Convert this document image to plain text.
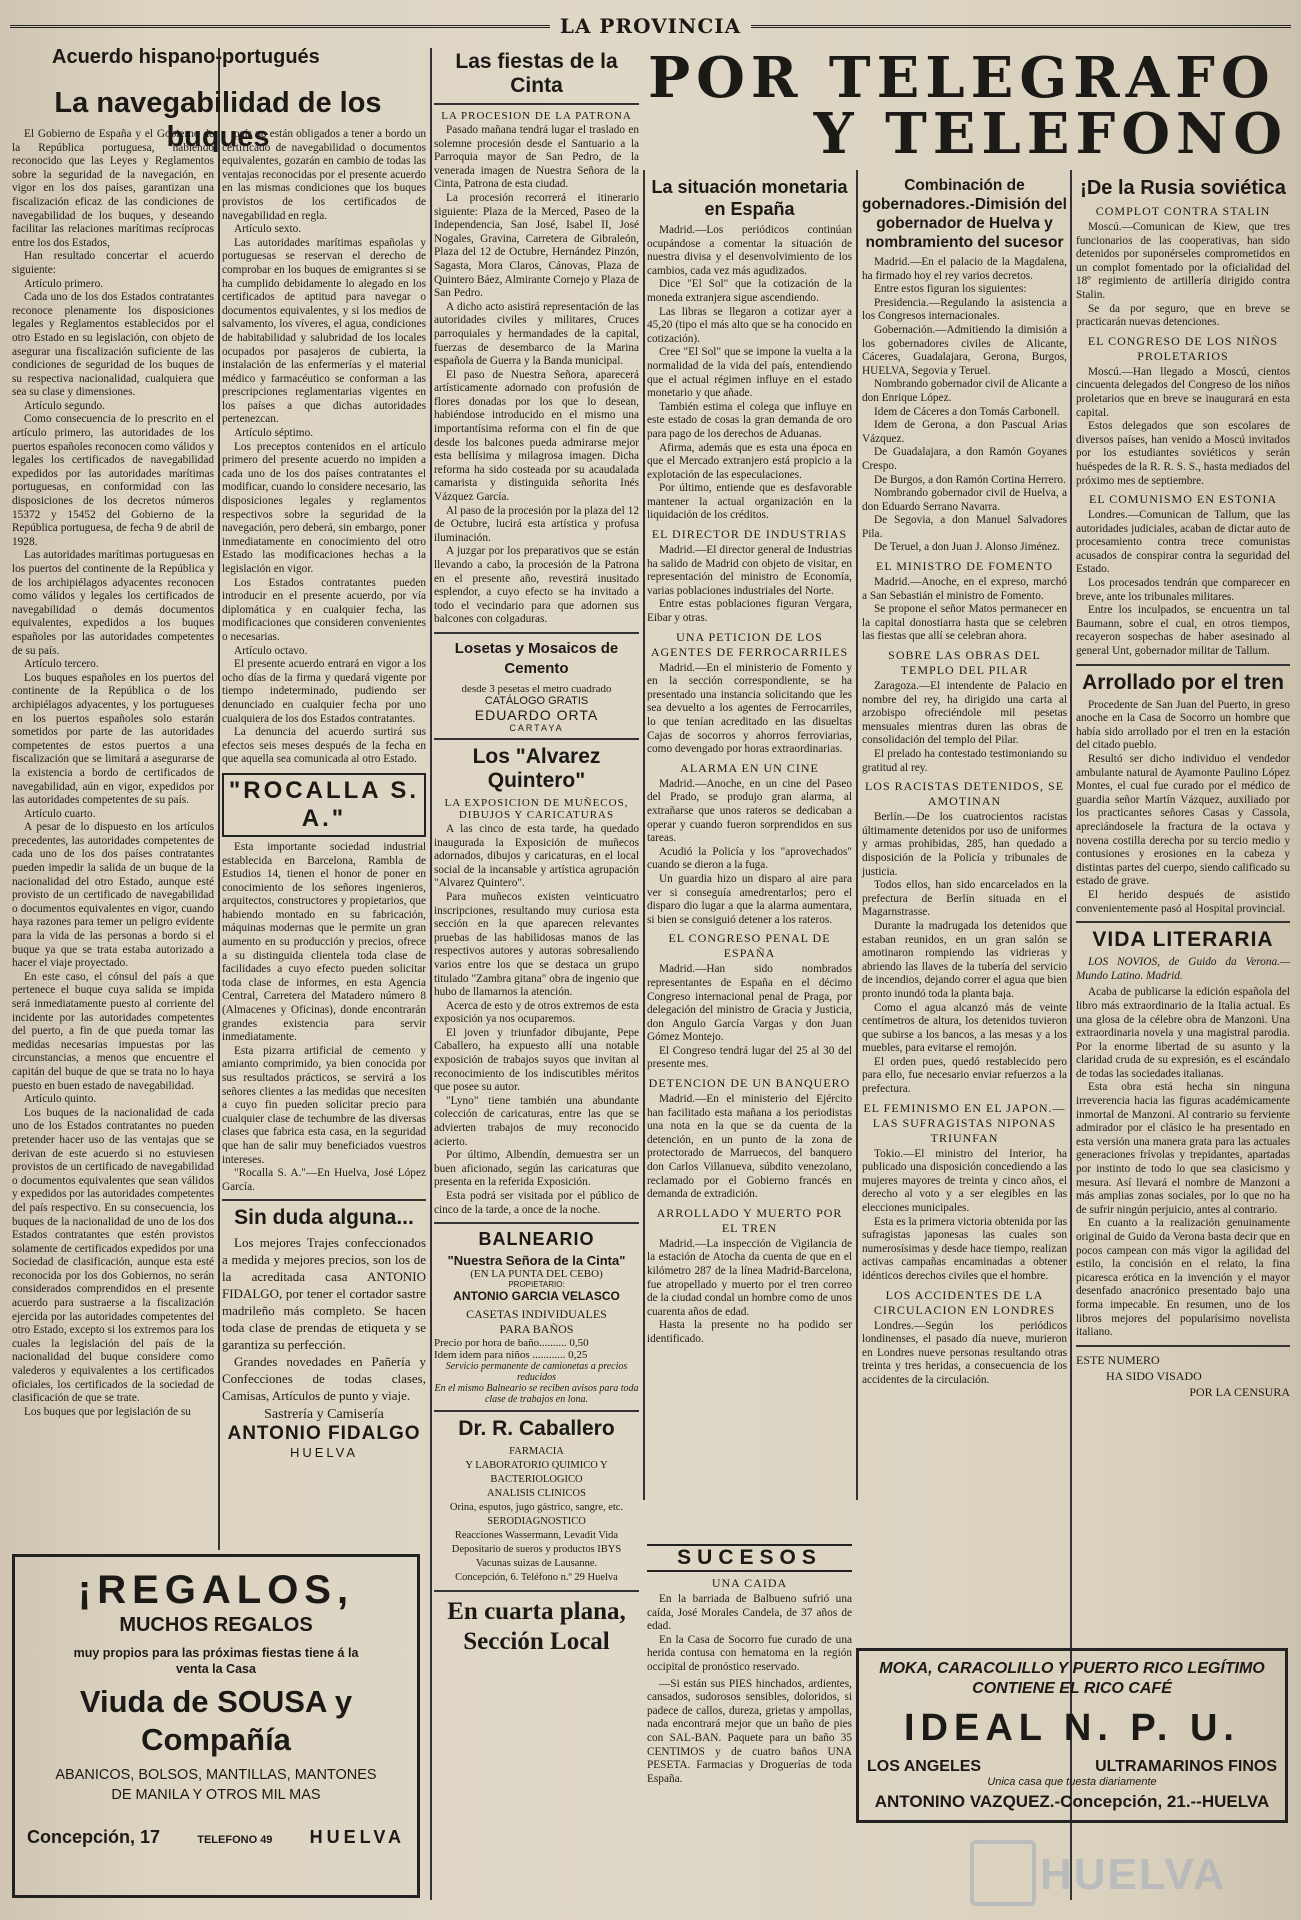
LA PROVINCIA
Acuerdo hispano-portugués
La navegabilidad de los buques

El Gobierno de España y el Gobierno de la República portuguesa, habiendo reconocido que las Leyes y Reglamentos sobre la seguridad de la navegación, en vigor en los dos países, garantizan una fiscalización eficaz de las condiciones de navegabilidad de los buques, y deseando facilitar las relaciones marítimas recíprocas entre los dos Estados,

Han resultado concertar el acuerdo siguiente:

Artículo primero.

Cada uno de los dos Estados contratantes reconoce plenamente los disposiciones legales y Reglamentos establecidos por el otro Estado en su legislación, con objeto de asegurar una fiscalización suficiente de las condiciones de seguridad de los buques de su respectiva nacionalidad, cualquiera que sea su clase y dimensiones.

Artículo segundo.

Como consecuencia de lo prescrito en el artículo primero, las autoridades de los puertos españoles reconocen como válidos y legales los certificados de navegabilidad expedidos por las autoridades marítimas portuguesas, en conformidad con las disposiciones de los decretos números 15372 y 15452 del Gobierno de la República portuguesa, de fecha 9 de abril de 1928.

Las autoridades marítimas portuguesas en los puertos del continente de la República y de los archipiélagos adyacentes reconocen como válidos y legales los certificados de navegabilidad o demás documentos equivalentes, expedidos a los buques españoles por las autoridades competentes de su país.

Artículo tercero.

Los buques españoles en los puertos del continente de la República o de los archipiélagos adyacentes, y los portugueses en los puertos españoles solo estarán sometidos por parte de las autoridades competentes de estos puertos a una fiscalización que se limitará a asegurarse de la existencia a bordo de certificados de navegabilidad, aún en vigor, expedidos por las autoridades competentes de su país.

Artículo cuarto.

A pesar de lo dispuesto en los artículos precedentes, las autoridades competentes de cada uno de los dos países contratantes pueden impedir la salida de un buque de la nacionalidad del otro Estado, aunque esté provisto de un certificado de navegabilidad o documentos equivalentes en vigor, cuando haya razones para temer un peligro evidente para la vida de las personas a bordo si el buque ya que se trata estaba autorizado a hacer el viaje proyectado.

En este caso, el cónsul del país a que pertenece el buque cuya salida se impida será inmediatamente puesto al corriente del incidente por las autoridades competentes del puerto, a fin de que pueda tomar las medidas necesarias impuestas por las circunstancias, a menos que encuentre el capitán del buque de que se trata no lo haya puesto en buen estado de navegabilidad.

Artículo quinto.

Los buques de la nacionalidad de cada uno de los Estados contratantes no pueden pretender hacer uso de las ventajas que se derivan de este acuerdo si no estuviesen provistos de un certificado de navegabilidad o documentos equivalentes que sean válidos y expedidos por las autoridades competentes del país respectivo. En su consecuencia, los buques de la nacionalidad de uno de los dos Estados contratantes que estén provistos solamente de certificados expedidos por una Sociedad de clasificación, aunque esta esté reconocida por los dos Gobiernos, no serán considerados comprendidos en el presente acuerdo para sustraerse a la fiscalización ejercida por las autoridades competentes del otro Estado, excepto si los extremos para los cuales la legislación del país de la nacionalidad del buque considere como valederos y equivalentes a los certificados oficiales, los certificados de la sociedad de clasificación de que se trate.

Los buques que por legislación de su

país no están obligados a tener a bordo un certificado de navegabilidad o documentos equivalentes, gozarán en cambio de todas las ventajas reconocidas por el presente acuerdo en las mismas condiciones que los buques provistos de los certificados de navegabilidad en regla.

Artículo sexto.

Las autoridades marítimas españolas y portuguesas se reservan el derecho de comprobar en los buques de emigrantes si se ha cumplido debidamente lo alegado en los certificados de aptitud para navegar o documentos equivalentes, y si los medios de salvamento, los víveres, el agua, condiciones de habitabilidad y salubridad de los locales ocupados por pasajeros de cubierta, la instalación de las enfermerías y el material médico y farmacéutico se conforman a las prescripciones reglamentarias vigentes en los países a que dichas autoridades pertenezcan.

Artículo séptimo.

Los preceptos contenidos en el artículo primero del presente acuerdo no impiden a cada uno de los dos países contratantes el modificar, cuando lo considere necesario, las disposiciones legales y reglamentos respectivos sobre la seguridad de la navegación, pero deberá, sin embargo, poner inmediatamente en conocimiento del otro Estado las modificaciones hechas a la legislación en vigor.

Los Estados contratantes pueden introducir en el presente acuerdo, por vía diplomática y en cualquier fecha, las modificaciones que consideren convenientes o necesarias.

Artículo octavo.

El presente acuerdo entrará en vigor a los ocho días de la firma y quedará vigente por tiempo indeterminado, pudiendo ser denunciado en cualquier fecha por uno cualquiera de los dos Estados contratantes.

La denuncia del acuerdo surtirá sus efectos seis meses después de la fecha en que aquella sea comunicada al otro Estado.

"ROCALLA S. A."

Esta importante sociedad industrial establecida en Barcelona, Rambla de Estudios 14, tienen el honor de poner en conocimiento de los señores ingenieros, arquitectos, constructores y propietarios, que habiendo montado en su fabricación, máquinas modernas que le permite un gran aumento en su producción y precios, ofrece a su distinguida clientela toda clase de facilidades a cuyo efecto pueden solicitar toda clase de informes, en esta Agencia Central, Carretera del Matadero número 8 (Almacenes y Oficinas), donde encontrarán grandes existencia para servir inmediatamente.

Esta pizarra artificial de cemento y amianto comprimido, ya bien conocida por sus resultados prácticos, se servirá a los señores clientes a las medidas que necesiten a cuyo fin pueden solicitar precio para cualquier clase de techumbre de las diversas clases que fabrica esta casa, en la seguridad que han de salir muy beneficiados vuestros intereses.

"Rocalla S. A."—En Huelva, José López García.

Sin duda alguna...

Los mejores Trajes confeccionados a medida y mejores precios, son los de la acreditada casa ANTONIO FIDALGO, por tener el cortador sastre madrileño más completo. Se hacen toda clase de prendas de etiqueta y se garantiza su perfección.

Grandes novedades en Pañería y Confecciones de todas clases, Camisas, Artículos de punto y viaje.

Sastrería y Camisería
ANTONIO FIDALGO
HUELVA
¡REGALOS,
MUCHOS REGALOS
muy propios para las próximas fiestas tiene á la
venta la Casa
Viuda de SOUSA y Compañía
ABANICOS, BOLSOS, MANTILLAS, MANTONES
DE MANILA Y OTROS MIL MAS
Concepción, 17	TELEFONO 49 HUELVA
Las fiestas de la Cinta
LA PROCESION DE LA PATRONA

Pasado mañana tendrá lugar el traslado en solemne procesión desde el Santuario a la Parroquia mayor de San Pedro, de la venerada imagen de Nuestra Señora de la Cinta, Patrona de esta ciudad.

La procesión recorrerá el itinerario siguiente: Plaza de la Merced, Paseo de la Independencia, San José, Isabel II, José Nogales, Gravina, Carretera de Gibraleón, Plaza del 12 de Octubre, Hernández Pinzón, Sagasta, Mora Claros, Cánovas, Plaza de Quintero Báez, Almirante Cornejo y Plaza de San Pedro.

A dicho acto asistirá representación de las autoridades civiles y militares, Cruces parroquiales y hermandades de la capital, fuerzas de desembarco de la Marina española de Guerra y la Banda municipal.

El paso de Nuestra Señora, aparecerá artísticamente adornado con profusión de flores donadas por los que lo desean, habiéndose introducido en el mismo una importantísima reforma con el fin de que desde los balcones pueda admirarse mejor esta bellísima y milagrosa imagen. Dicha reforma ha sido costeada por su acaudalada camarista y distinguida señorita Inés Vázquez García.

Al paso de la procesión por la plaza del 12 de Octubre, lucirá esta artística y profusa iluminación.

A juzgar por los preparativos que se están llevando a cabo, la procesión de la Patrona en el presente año, revestirá inusitado esplendor, a cuyo efecto se ha invitado a todo el vecindario para que adornen sus balcones con colgaduras.

Losetas y Mosaicos de Cemento
desde 3 pesetas el metro cuadrado
CATÁLOGO GRATIS
EDUARDO ORTA
CARTAYA
Los "Alvarez Quintero"
LA EXPOSICION DE MUÑECOS, DIBUJOS Y CARICATURAS

A las cinco de esta tarde, ha quedado inaugurada la Exposición de muñecos adornados, dibujos y caricaturas, en el local social de la incansable y artística agrupación "Alvarez Quintero".

Para muñecos existen veinticuatro inscripciones, resultando muy curiosa esta sección en la que aparecen relevantes pruebas de las habilidosas manos de las respectivos autores y autoras sobresaliendo varios entre los que se destaca un grupo titulado "Zambra gitana" obra de ingenio que hubo de llamarnos la atención.

Acerca de esto y de otros extremos de esta exposición ya nos ocuparemos.

El joven y triunfador dibujante, Pepe Caballero, ha expuesto allí una notable exposición de trabajos suyos que invitan al reconocimiento de los indiscutibles méritos que posee su autor.

"Lyno" tiene también una abundante colección de caricaturas, entre las que se advierten trabajos de muy reconocido acierto.

Por último, Albendín, demuestra ser un buen aficionado, según las caricaturas que presenta en la referida Exposición.

Esta podrá ser visitada por el público de cinco de la tarde, a once de la noche.

BALNEARIO
"Nuestra Señora de la Cinta"
(EN LA PUNTA DEL CEBO)
PROPIETARIO:
ANTONIO GARCIA VELASCO
CASETAS INDIVIDUALES
PARA BAÑOS
Precio por hora de baño.......... 0,50
Idem idem para niños ............ 0,25
Servicio permanente de camionetas a precios reducidos
En el mismo Balneario se reciben avisos para toda clase de trabajos en lona.
Dr. R. Caballero
FARMACIA
Y LABORATORIO QUIMICO Y BACTERIOLOGICO
ANALISIS CLINICOS
Orina, esputos, jugo gástrico, sangre, etc.
SERODIAGNOSTICO
Reacciones Wassermann, Levadit Vida
Depositario de sueros y productos IBYS
Vacunas suizas de Lausanne.
Concepción, 6. Teléfono n.º 29 Huelva
En cuarta plana, Sección Local
POR TELEGRAFO
Y TELEFONO
La situación monetaria en España

Madrid.—Los periódicos continúan ocupándose a comentar la situación de nuestra divisa y el desenvolvimiento de los cambios, cada vez más agudizados.

Dice "El Sol" que la cotización de la moneda extranjera sigue ascendiendo.

Las libras se llegaron a cotizar ayer a 45,20 (tipo el más alto que se ha conocido en cotización).

Cree "El Sol" que se impone la vuelta a la normalidad de la vida del país, entendiendo que el actual régimen influye en el estado monetario y que añade.

También estima el colega que influye en este estado de cosas la gran demanda de oro para pago de los derechos de Aduanas.

Afirma, además que es esta una época en que el Mercado extranjero está propicio a la explotación de las especulaciones.

Por último, entiende que es desfavorable mantener la actual organización en la liquidación de los créditos.

EL DIRECTOR DE INDUSTRIAS

Madrid.—El director general de Industrias ha salido de Madrid con objeto de visitar, en representación del ministro de Economía, varias poblaciones industriales del Norte.

Entre estas poblaciones figuran Vergara, Eibar y otras.

UNA PETICION DE LOS AGENTES DE FERROCARRILES

Madrid.—En el ministerio de Fomento y en la sección correspondiente, se ha presentado una instancia solicitando que les sea devuelto a los agentes de Ferrocarriles, lo que tenían acreditado en las disueltas Cajas de socorros y ahorros ferroviarias, como devengado por horas extraordinarias.

ALARMA EN UN CINE

Madrid.—Anoche, en un cine del Paseo del Prado, se produjo gran alarma, al extrañarse que unos rateros se dedicaban a operar y cuando fueron sorprendidos en sus tareas.

Acudió la Policía y los "aprovechados" cuando se dieron a la fuga.

Un guardia hizo un disparo al aire para ver si conseguía amedrentarlos; pero el disparo dio lugar a que la alarma aumentara, si bien se consiguió detener a los rateros.

EL CONGRESO PENAL DE ESPAÑA

Madrid.—Han sido nombrados representantes de España en el décimo Congreso internacional penal de Praga, por delegación del ministro de Gracia y Justicia, don Angulo García Vargas y don Juan Gómez Montejo.

El Congreso tendrá lugar del 25 al 30 del presente mes.

DETENCION DE UN BANQUERO

Madrid.—En el ministerio del Ejército han facilitado esta mañana a los periodistas una nota en la que se da cuenta de la detención, en un punto de la zona de protectorado de Marruecos, del banquero don Carlos Villanueva, súbdito venezolano, reclamado por el Gobierno francés en demanda de extradición.

ARROLLADO Y MUERTO POR EL TREN

Madrid.—La inspección de Vigilancia de la estación de Atocha da cuenta de que en el kilómetro 287 de la línea Madrid-Barcelona, fue atropellado y muerto por el tren correo de la ciudad condal un hombre como de unos cuarenta años de edad.

Hasta la presente no ha podido ser identificado.

SUCESOS
UNA CAIDA

En la barriada de Balbueno sufrió una caída, José Morales Candela, de 37 años de edad.

En la Casa de Socorro fue curado de una herida contusa con hematoma en la región occipital de pronóstico reservado.

—Si están sus PIES hinchados, ardientes, cansados, sudorosos sensibles, doloridos, si padece de callos, dureza, grietas y ampollas, nada encontrará mejor que un baño de pies con SAL-BAN. Paquete para un baño 35 CENTIMOS y de cuatro baños UNA PESETA. Farmacias y Droguerías de toda España.

Combinación de gobernadores.-Dimisión del gobernador de Huelva y nombramiento del sucesor

Madrid.—En el palacio de la Magdalena, ha firmado hoy el rey varios decretos.

Entre estos figuran los siguientes:

Presidencia.—Regulando la asistencia a los Congresos internacionales.

Gobernación.—Admitiendo la dimisión a los gobernadores civiles de Alicante, Cáceres, Guadalajara, Gerona, Burgos, HUELVA, Segovia y Teruel.

Nombrando gobernador civil de Alicante a don Enrique López.

Idem de Cáceres a don Tomás Carbonell.

Idem de Gerona, a don Pascual Arias Vázquez.

De Guadalajara, a don Ramón Goyanes Crespo.

De Burgos, a don Ramón Cortina Herrero.

Nombrando gobernador civil de Huelva, a don Eduardo Serrano Navarra.

De Segovia, a don Manuel Salvadores Pila.

De Teruel, a don Juan J. Alonso Jiménez.

EL MINISTRO DE FOMENTO

Madrid.—Anoche, en el expreso, marchó a San Sebastián el ministro de Fomento.

Se propone el señor Matos permanecer en la capital donostiarra hasta que se celebren las fiestas que allí se celebran ahora.

SOBRE LAS OBRAS DEL TEMPLO DEL PILAR

Zaragoza.—El intendente de Palacio en nombre del rey, ha dirigido una carta al arzobispo ofreciéndole mil pesetas mensuales mientras duren las obras de consolidación del templo del Pilar.

El prelado ha contestado testimoniando su gratitud al rey.

LOS RACISTAS DETENIDOS, SE AMOTINAN

Berlín.—De los cuatrocientos racistas últimamente detenidos por uso de uniformes y armas prohibidas, 285, han quedado a disposición de la Policía y tribunales de justicia.

Todos ellos, han sido encarcelados en la prefectura de Berlín situada en el Magarnstrasse.

Durante la madrugada los detenidos que estaban reunidos, en un gran salón se amotinaron rompiendo las vidrieras y abriendo las llaves de la tubería del servicio de incendios, dejando correr el agua que bien pronto inundó toda la planta baja.

Como el agua alcanzó más de veinte centímetros de altura, los detenidos tuvieron que subirse a los bancos, a las mesas y a los muebles, para evitarse el remojón.

El orden pues, quedó restablecido pero para ello, fue necesario enviar refuerzos a la prefectura.

EL FEMINISMO EN EL JAPON.—LAS SUFRAGISTAS NIPONAS TRIUNFAN

Tokio.—El ministro del Interior, ha publicado una disposición concediendo a las mujeres mayores de treinta y cinco años, el derecho al voto y a ser elegibles en las elecciones municipales.

Esta es la primera victoria obtenida por las sufragistas japonesas las cuales son numerosísimas y desde hace tiempo, realizan activas campañas encaminadas a obtener idénticos derechos civiles que el hombre.

LOS ACCIDENTES DE LA CIRCULACION EN LONDRES

Londres.—Según los periódicos londinenses, el pasado día nueve, murieron en Londres nueve personas resultando otras treinta y tres heridas, a consecuencia de los accidentes de la circulación.

¡De la Rusia soviética
COMPLOT CONTRA STALIN

Moscú.—Comunican de Kiew, que tres funcionarios de las cooperativas, han sido detenidos por suponérseles comprometidos en un complot fomentado por la oficialidad del 18º regimiento de artillería dirigido contra Stalin.

Se da por seguro, que en breve se practicarán nuevas detenciones.

EL CONGRESO DE LOS NIÑOS PROLETARIOS

Moscú.—Han llegado a Moscú, cientos cincuenta delegados del Congreso de los niños proletarios que en breve se inaugurará en esta capital.

Estos delegados que son escolares de diversos países, han venido a Moscú invitados por los estudiantes soviéticos y serán huéspedes de la R. R. S. S., hasta mediados del próximo mes de septiembre.

EL COMUNISMO EN ESTONIA

Londres.—Comunican de Tallum, que las autoridades judiciales, acaban de dictar auto de procesamiento contra trece comunistas acusados de conspirar contra la seguridad del Estado.

Los procesados tendrán que comparecer en breve, ante los tribunales militares.

Entre los inculpados, se encuentra un tal Baumann, sobre el cual, en otros tiempos, recayeron sospechas de haber asesinado al general Unt, gobernador militar de Tallum.

Arrollado por el tren

Procedente de San Juan del Puerto, in greso anoche en la Casa de Socorro un hombre que había sido arrollado por el tren en la estación del citado pueblo.

Resultó ser dicho individuo el vendedor ambulante natural de Ayamonte Paulino López Montes, el cual fue curado por el médico de guardia señor Martín Vázquez, auxiliado por los practicantes señores Casas y Cassola, apreciándosele la fractura de la octava y novena costilla derecha por su tercio medio y contusiones y erosiones en la cabeza y distintas partes del cuerpo, siendo calificado su estado de grave.

El herido después de asistido convenientemente pasó al Hospital provincial.

VIDA LITERARIA

LOS NOVIOS, de Guido da Verona.—Mundo Latino. Madrid.

Acaba de publicarse la edición española del libro más extraordinario de la Italia actual. Es una glosa de la célebre obra de Manzoni. Una extraordinaria novela y una magistral parodia. Por la enorme libertad de su asunto y la claridad cruda de su expresión, es el escándalo de todas las sociedades italianas.

Esta obra está hecha sin ninguna irreverencia hacia las figuras académicamente inmortal de Manzoni. Al contrario su ferviente admirador por el clásico le ha presentado en esta versión una manera grata para las actuales generaciones frívolas y trepidantes, apartadas por instinto de todo lo que sea clasicismo y mesura. Así llevará el nombre de Manzoni a más amplias zonas sociales, por lo que no ha de sufrir ningún perjuicio, antes al contrario.

En cuanto a la realización genuinamente original de Guido da Verona basta decir que en pocos campean con más vigor la agilidad del estilo, la concisión en el relato, la fina picaresca erótica en la invención y el mayor desenfado anacrónico presentado bajo una forma impecable. En resumen, uno de los libros mejores del popularísimo novelista italiano.

ESTE NUMERO
HA SIDO VISADO
POR LA CENSURA
MOKA, CARACOLILLO Y PUERTO RICO LEGÍTIMO
CONTIENE EL RICO CAFÉ
IDEAL N. P. U.
LOS ANGELES	ULTRAMARINOS FINOS
Unica casa que tuesta diariamente
ANTONINO VAZQUEZ.-Concepción, 21.--HUELVA
HUELVA
